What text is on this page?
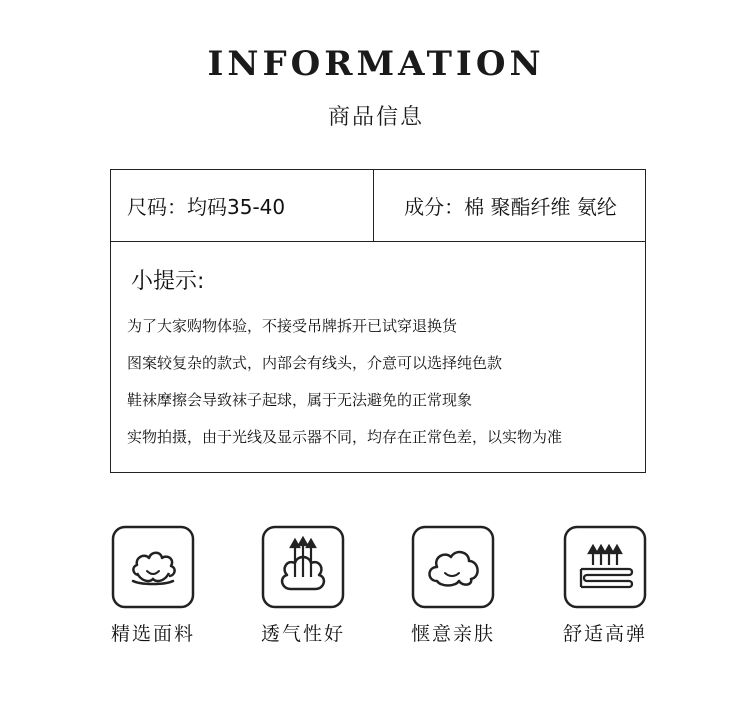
INFORMATION
商品信息
尺码：均码35-40	成分：棉 聚酯纤维 氨纶
小提示:
为了大家购物体验，不接受吊牌拆开已试穿退换货
图案较复杂的款式，内部会有线头，介意可以选择纯色款
鞋袜摩擦会导致袜子起球，属于无法避免的正常现象
实物拍摄，由于光线及显示器不同，均存在正常色差，以实物为准
精选面料	透气性好	惬意亲肤	舒适高弹
